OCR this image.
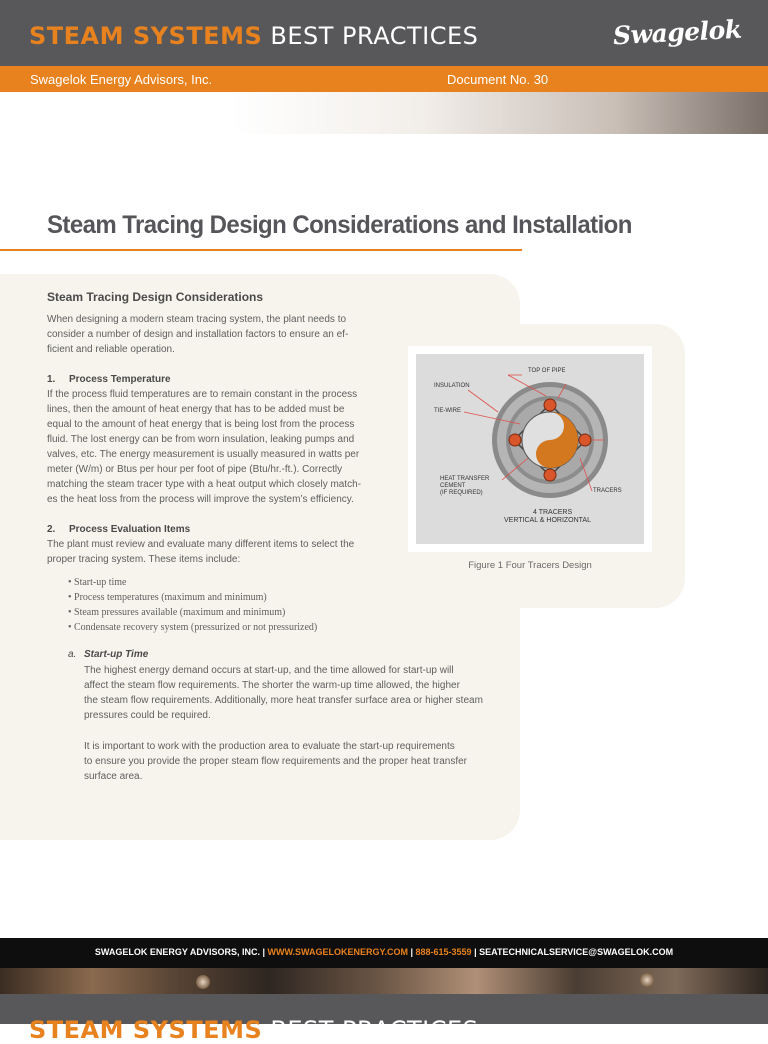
STEAM SYSTEMS BEST PRACTICES	Swagelok
Swagelok Energy Advisors, Inc.	Document No. 30
Steam Tracing Design Considerations and Installation
TOP OF PIPE
INSULATION
TIE-WIRE
HEAT TRANSFER
CEMENT
(IF REQUIRED)	TRACERS
4 TRACERS
VERTICAL & HORIZONTAL
Figure 1 Four Tracers Design
Steam Tracing Design Considerations
When designing a modern steam tracing system, the plant needs to
consider a number of design and installation factors to ensure an ef-
ficient and reliable operation.
1. Process Temperature
If the process fluid temperatures are to remain constant in the process
lines, then the amount of heat energy that has to be added must be
equal to the amount of heat energy that is being lost from the process
fluid. The lost energy can be from worn insulation, leaking pumps and
valves, etc. The energy measurement is usually measured in watts per
meter (W/m) or Btus per hour per foot of pipe (Btu/hr.-ft.). Correctly
matching the steam tracer type with a heat output which closely match-
es the heat loss from the process will improve the system’s efficiency.
2. Process Evaluation Items
The plant must review and evaluate many different items to select the
proper tracing system. These items include:
• Start-up time
• Process temperatures (maximum and minimum)
• Steam pressures available (maximum and minimum)
• Condensate recovery system (pressurized or not pressurized)
a. Start-up Time
The highest energy demand occurs at start-up, and the time allowed for start-up will
affect the steam flow requirements. The shorter the warm-up time allowed, the higher
the steam flow requirements. Additionally, more heat transfer surface area or higher steam
pressures could be required.
It is important to work with the production area to evaluate the start-up requirements
to ensure you provide the proper steam flow requirements and the proper heat transfer
surface area.
SWAGELOK ENERGY ADVISORS, INC. | WWW.SWAGELOKENERGY.COM | 888-615-3559 | SEATECHNICALSERVICE@SWAGELOK.COM
STEAM SYSTEMS BEST PRACTICES
